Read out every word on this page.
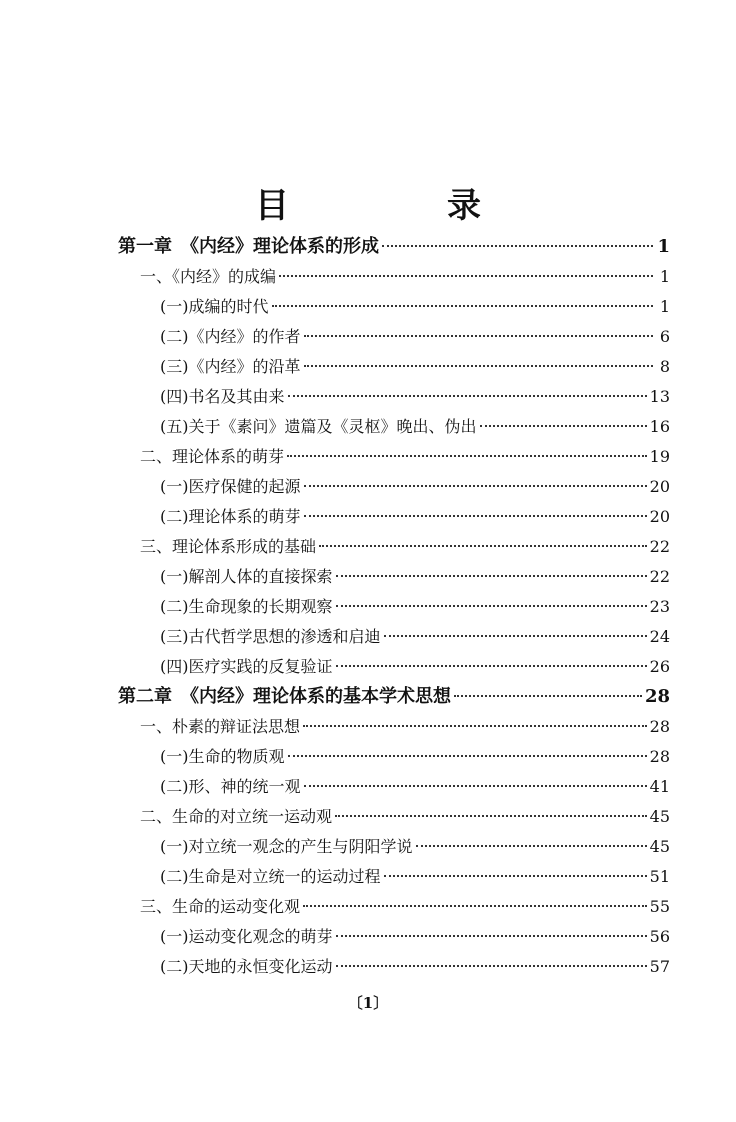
目　录
第一章　《内经》理论体系的形成	1
一、《内经》的成编	1
(一)成编的时代	1
(二)《内经》的作者	6
(三)《内经》的沿革	8
(四)书名及其由来	13
(五)关于《素问》遗篇及《灵枢》晚出、伪出	16
二、理论体系的萌芽	19
(一)医疗保健的起源	20
(二)理论体系的萌芽	20
三、理论体系形成的基础	22
(一)解剖人体的直接探索	22
(二)生命现象的长期观察	23
(三)古代哲学思想的渗透和启迪	24
(四)医疗实践的反复验证	26
第二章　《内经》理论体系的基本学术思想	28
一、朴素的辩证法思想	28
(一)生命的物质观	28
(二)形、神的统一观	41
二、生命的对立统一运动观	45
(一)对立统一观念的产生与阴阳学说	45
(二)生命是对立统一的运动过程	51
三、生命的运动变化观	55
(一)运动变化观念的萌芽	56
(二)天地的永恒变化运动	57
〔1〕
